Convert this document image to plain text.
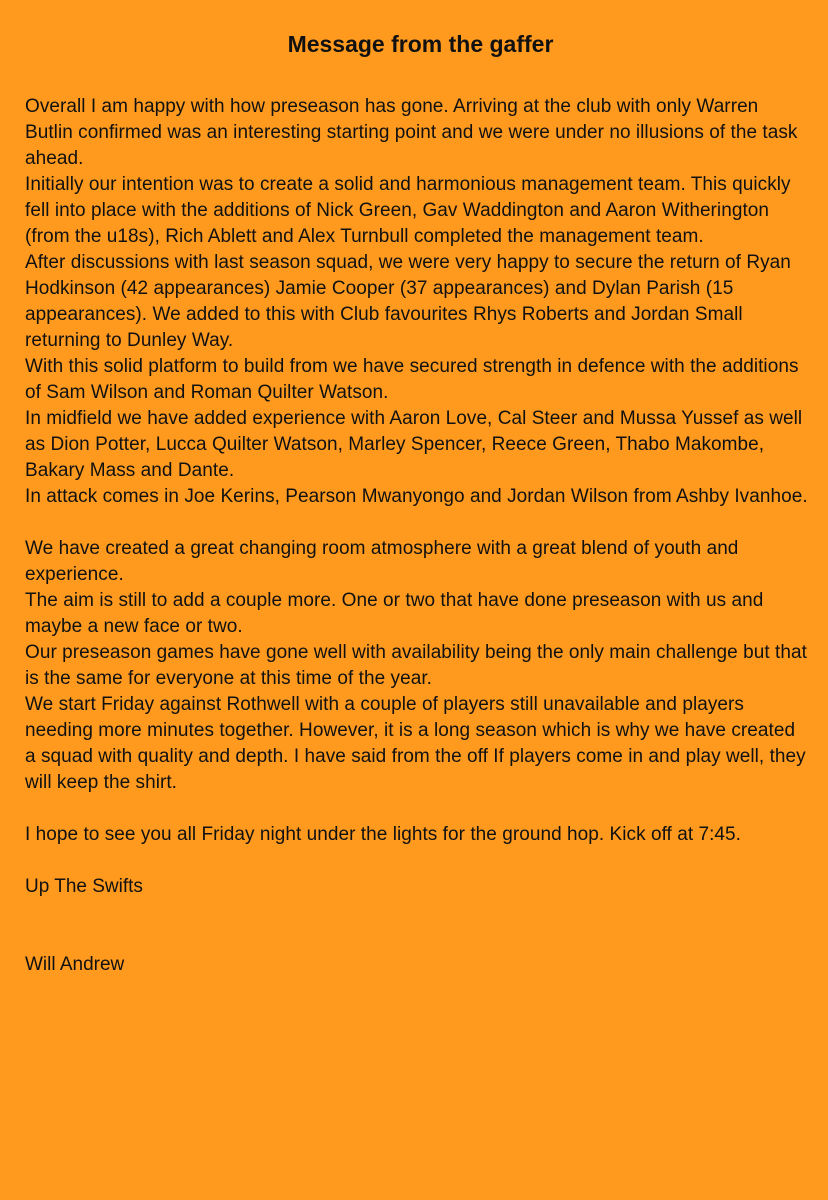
Message from the gaffer

Overall I am happy with how preseason has gone. Arriving at the club with only Warren Butlin confirmed was an interesting starting point and we were under no illusions of the task ahead.

Initially our intention was to create a solid and harmonious management team. This quickly fell into place with the additions of Nick Green, Gav Waddington and Aaron Witherington (from the u18s), Rich Ablett and Alex Turnbull completed the management team.

After discussions with last season squad, we were very happy to secure the return of Ryan Hodkinson (42 appearances) Jamie Cooper (37 appearances) and Dylan Parish (15 appearances). We added to this with Club favourites Rhys Roberts and Jordan Small returning to Dunley Way.

With this solid platform to build from we have secured strength in defence with the additions of Sam Wilson and Roman Quilter Watson.

In midfield we have added experience with Aaron Love, Cal Steer and Mussa Yussef as well as Dion Potter, Lucca Quilter Watson, Marley Spencer, Reece Green, Thabo Makombe, Bakary Mass and Dante.

In attack comes in Joe Kerins, Pearson Mwanyongo and Jordan Wilson from Ashby Ivanhoe.

We have created a great changing room atmosphere with a great blend of youth and experience.

The aim is still to add a couple more. One or two that have done preseason with us and maybe a new face or two.

Our preseason games have gone well with availability being the only main challenge but that is the same for everyone at this time of the year.

We start Friday against Rothwell with a couple of players still unavailable and players needing more minutes together. However, it is a long season which is why we have created a squad with quality and depth. I have said from the off If players come in and play well, they will keep the shirt.

I hope to see you all Friday night under the lights for the ground hop. Kick off at 7:45.

Up The Swifts

Will Andrew
